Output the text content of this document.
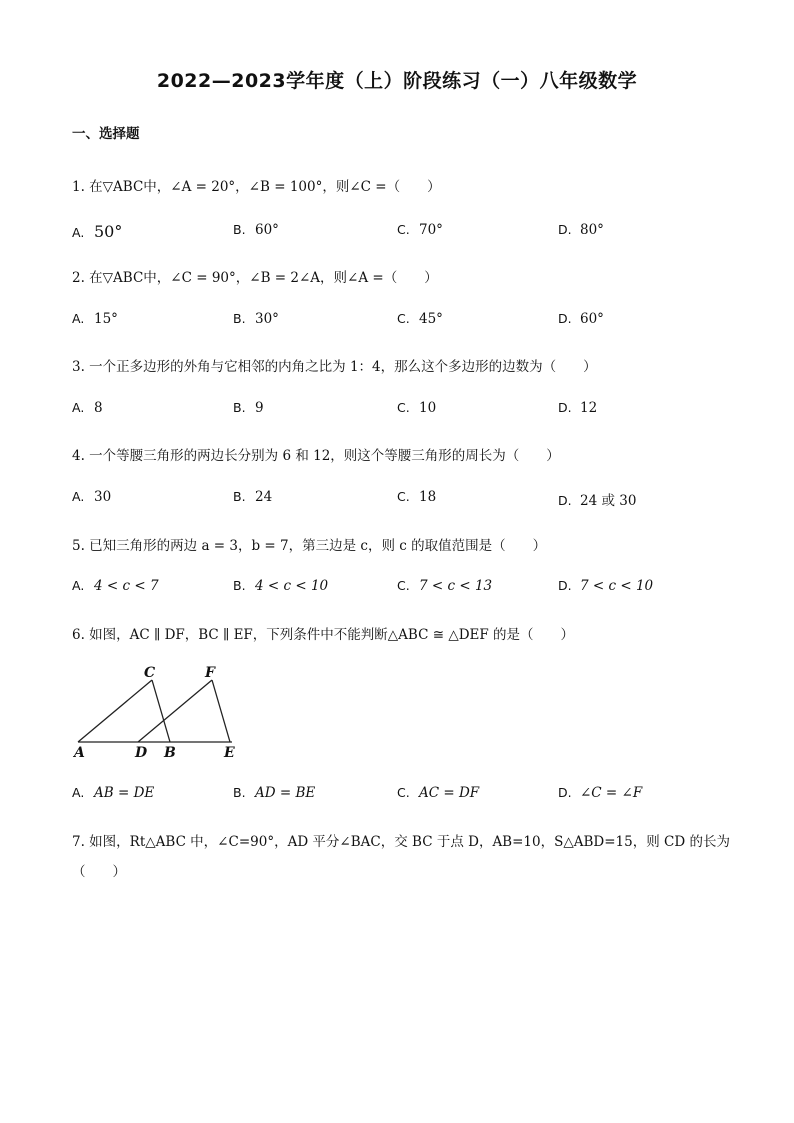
2022—2023学年度（上）阶段练习（一）八年级数学
一、选择题
1. 在▽ABC中，∠A = 20°，∠B = 100°，则∠C =（　　）
A. 50°	B. 60°	C. 70°	D. 80°
2. 在▽ABC中，∠C = 90°，∠B = 2∠A，则∠A =（　　）
A. 15°	B. 30°	C. 45°	D. 60°
3. 一个正多边形的外角与它相邻的内角之比为 1：4，那么这个多边形的边数为（　　）
A. 8	B. 9	C. 10	D. 12
4. 一个等腰三角形的两边长分别为 6 和 12，则这个等腰三角形的周长为（　　）
A. 30	B. 24	C. 18	D. 24 或 30
5. 已知三角形的两边 a = 3，b = 7，第三边是 c，则 c 的取值范围是（　　）
A. 4 < c < 7	B. 4 < c < 10	C. 7 < c < 13	D. 7 < c < 10
6. 如图，AC ∥ DF，BC ∥ EF，下列条件中不能判断△ABC ≅ △DEF 的是（　　）
C	F
A	D B	E
A. AB = DE	B. AD = BE	C. AC = DF	D. ∠C = ∠F
7. 如图，Rt△ABC 中，∠C=90°，AD 平分∠BAC，交 BC 于点 D，AB=10，S△ABD=15，则 CD 的长为
（　　）
